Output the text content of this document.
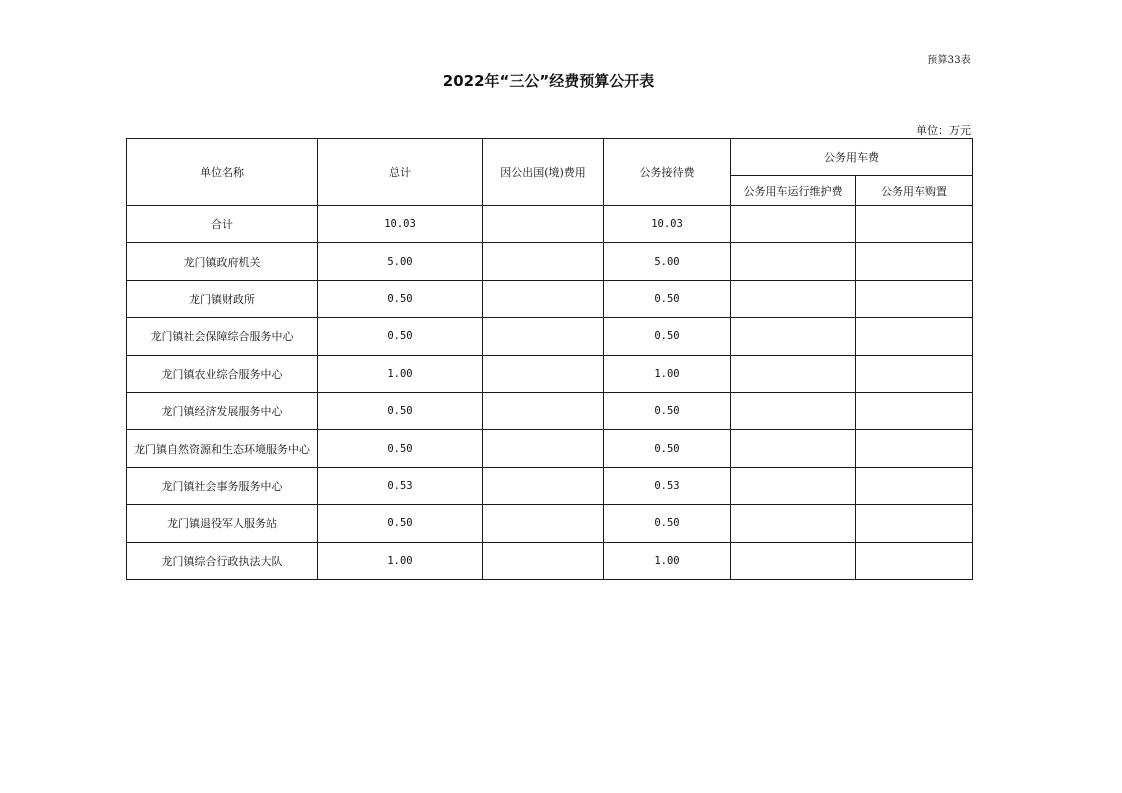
预算33表
2022年“三公”经费预算公开表
单位：万元
单位名称	总计	因公出国(境)费用	公务接待费	公务用车费	
				公务用车运行维护费	公务用车购置
合计	10.03		10.03		
龙门镇政府机关	5.00		5.00		
龙门镇财政所	0.50		0.50		
龙门镇社会保障综合服务中心	0.50		0.50		
龙门镇农业综合服务中心	1.00		1.00		
龙门镇经济发展服务中心	0.50		0.50		
龙门镇自然资源和生态环境服务中心	0.50		0.50		
龙门镇社会事务服务中心	0.53		0.53		
龙门镇退役军人服务站	0.50		0.50		
龙门镇综合行政执法大队	1.00		1.00		
